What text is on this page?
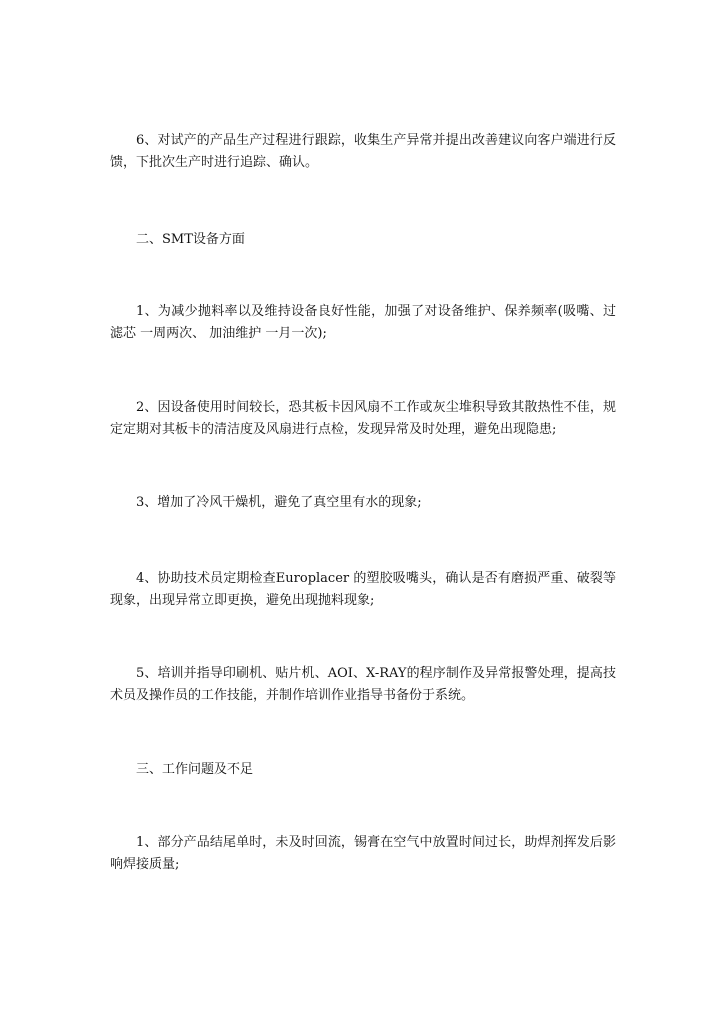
6、对试产的产品生产过程进行跟踪，收集生产异常并提出改善建议向客户端进行反馈，下批次生产时进行追踪、确认。

二、SMT设备方面

1、为减少抛料率以及维持设备良好性能，加强了对设备维护、保养频率(吸嘴、过滤芯 一周两次、 加油维护 一月一次);

2、因设备使用时间较长，恐其板卡因风扇不工作或灰尘堆积导致其散热性不佳，规定定期对其板卡的清洁度及风扇进行点检，发现异常及时处理，避免出现隐患;

3、增加了冷风干燥机，避免了真空里有水的现象;

4、协助技术员定期检查Europlacer 的塑胶吸嘴头，确认是否有磨损严重、破裂等现象，出现异常立即更换，避免出现抛料现象;

5、培训并指导印刷机、贴片机、AOI、X-RAY的程序制作及异常报警处理，提高技术员及操作员的工作技能，并制作培训作业指导书备份于系统。

三、工作问题及不足

1、部分产品结尾单时，未及时回流，锡膏在空气中放置时间过长，助焊剂挥发后影响焊接质量;
